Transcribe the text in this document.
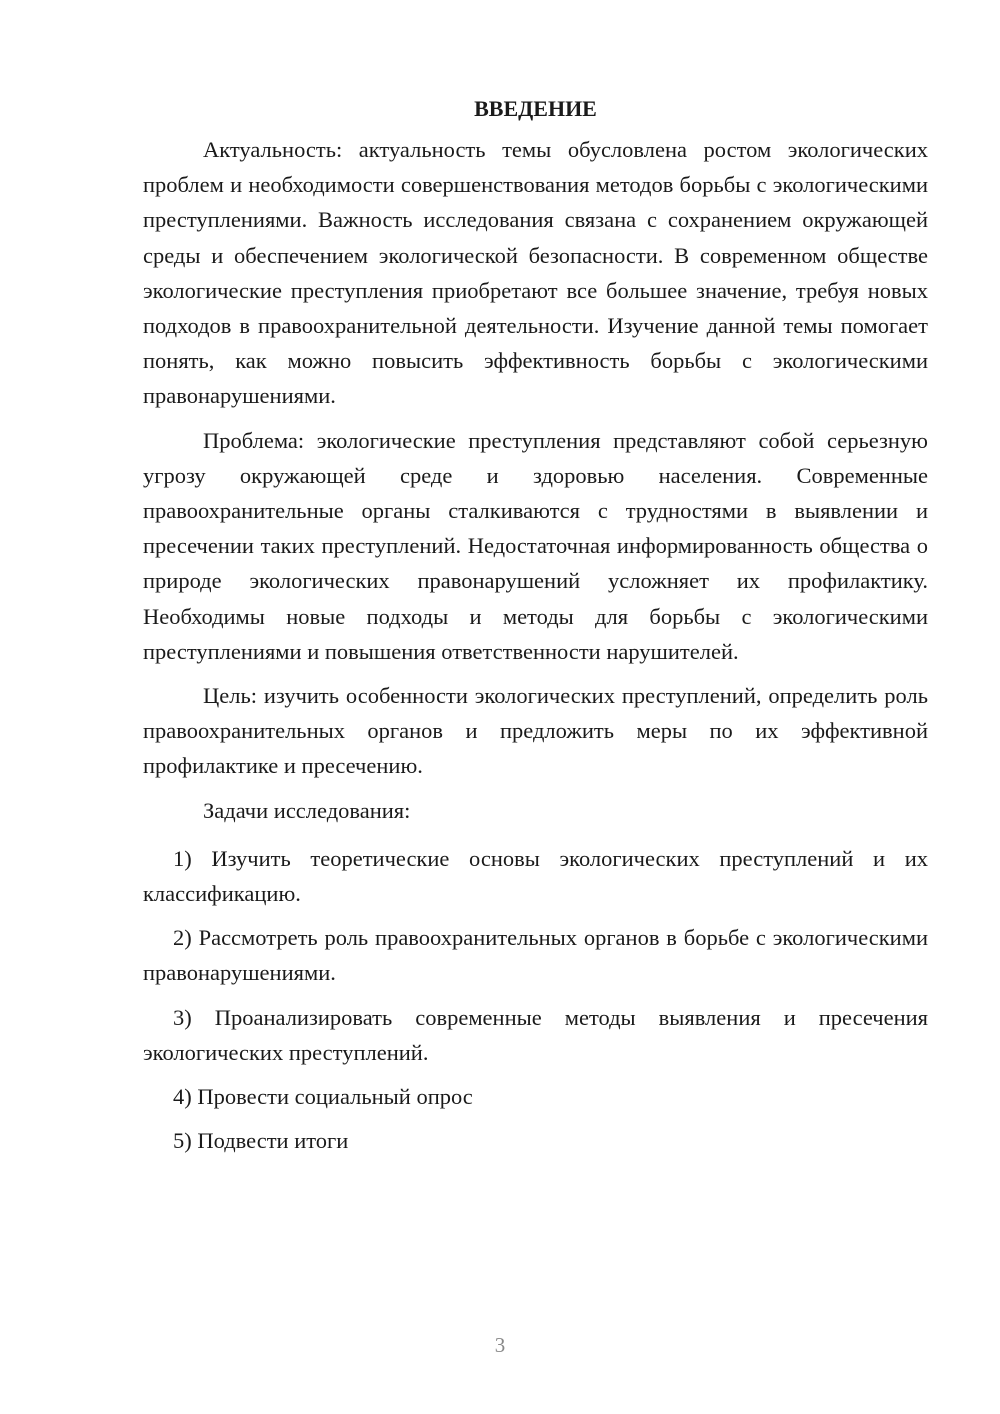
ВВЕДЕНИЕ

Актуальность: актуальность темы обусловлена ростом экологических проблем и необходимости совершенствования методов борьбы с экологическими преступлениями. Важность исследования связана с сохранением окружающей среды и обеспечением экологической безопасности. В современном обществе экологические преступления приобретают все большее значение, требуя новых подходов в правоохранительной деятельности. Изучение данной темы помогает понять, как можно повысить эффективность борьбы с экологическими правонарушениями.

Проблема: экологические преступления представляют собой серьезную угрозу окружающей среде и здоровью населения. Современные правоохранительные органы сталкиваются с трудностями в выявлении и пресечении таких преступлений. Недостаточная информированность общества о природе экологических правонарушений усложняет их профилактику. Необходимы новые подходы и методы для борьбы с экологическими преступлениями и повышения ответственности нарушителей.

Цель: изучить особенности экологических преступлений, определить роль правоохранительных органов и предложить меры по их эффективной профилактике и пресечению.

Задачи исследования:

1) Изучить теоретические основы экологических преступлений и их классификацию.

2) Рассмотреть роль правоохранительных органов в борьбе с экологическими правонарушениями.

3) Проанализировать современные методы выявления и пресечения экологических преступлений.

4) Провести социальный опрос

5) Подвести итоги

3
